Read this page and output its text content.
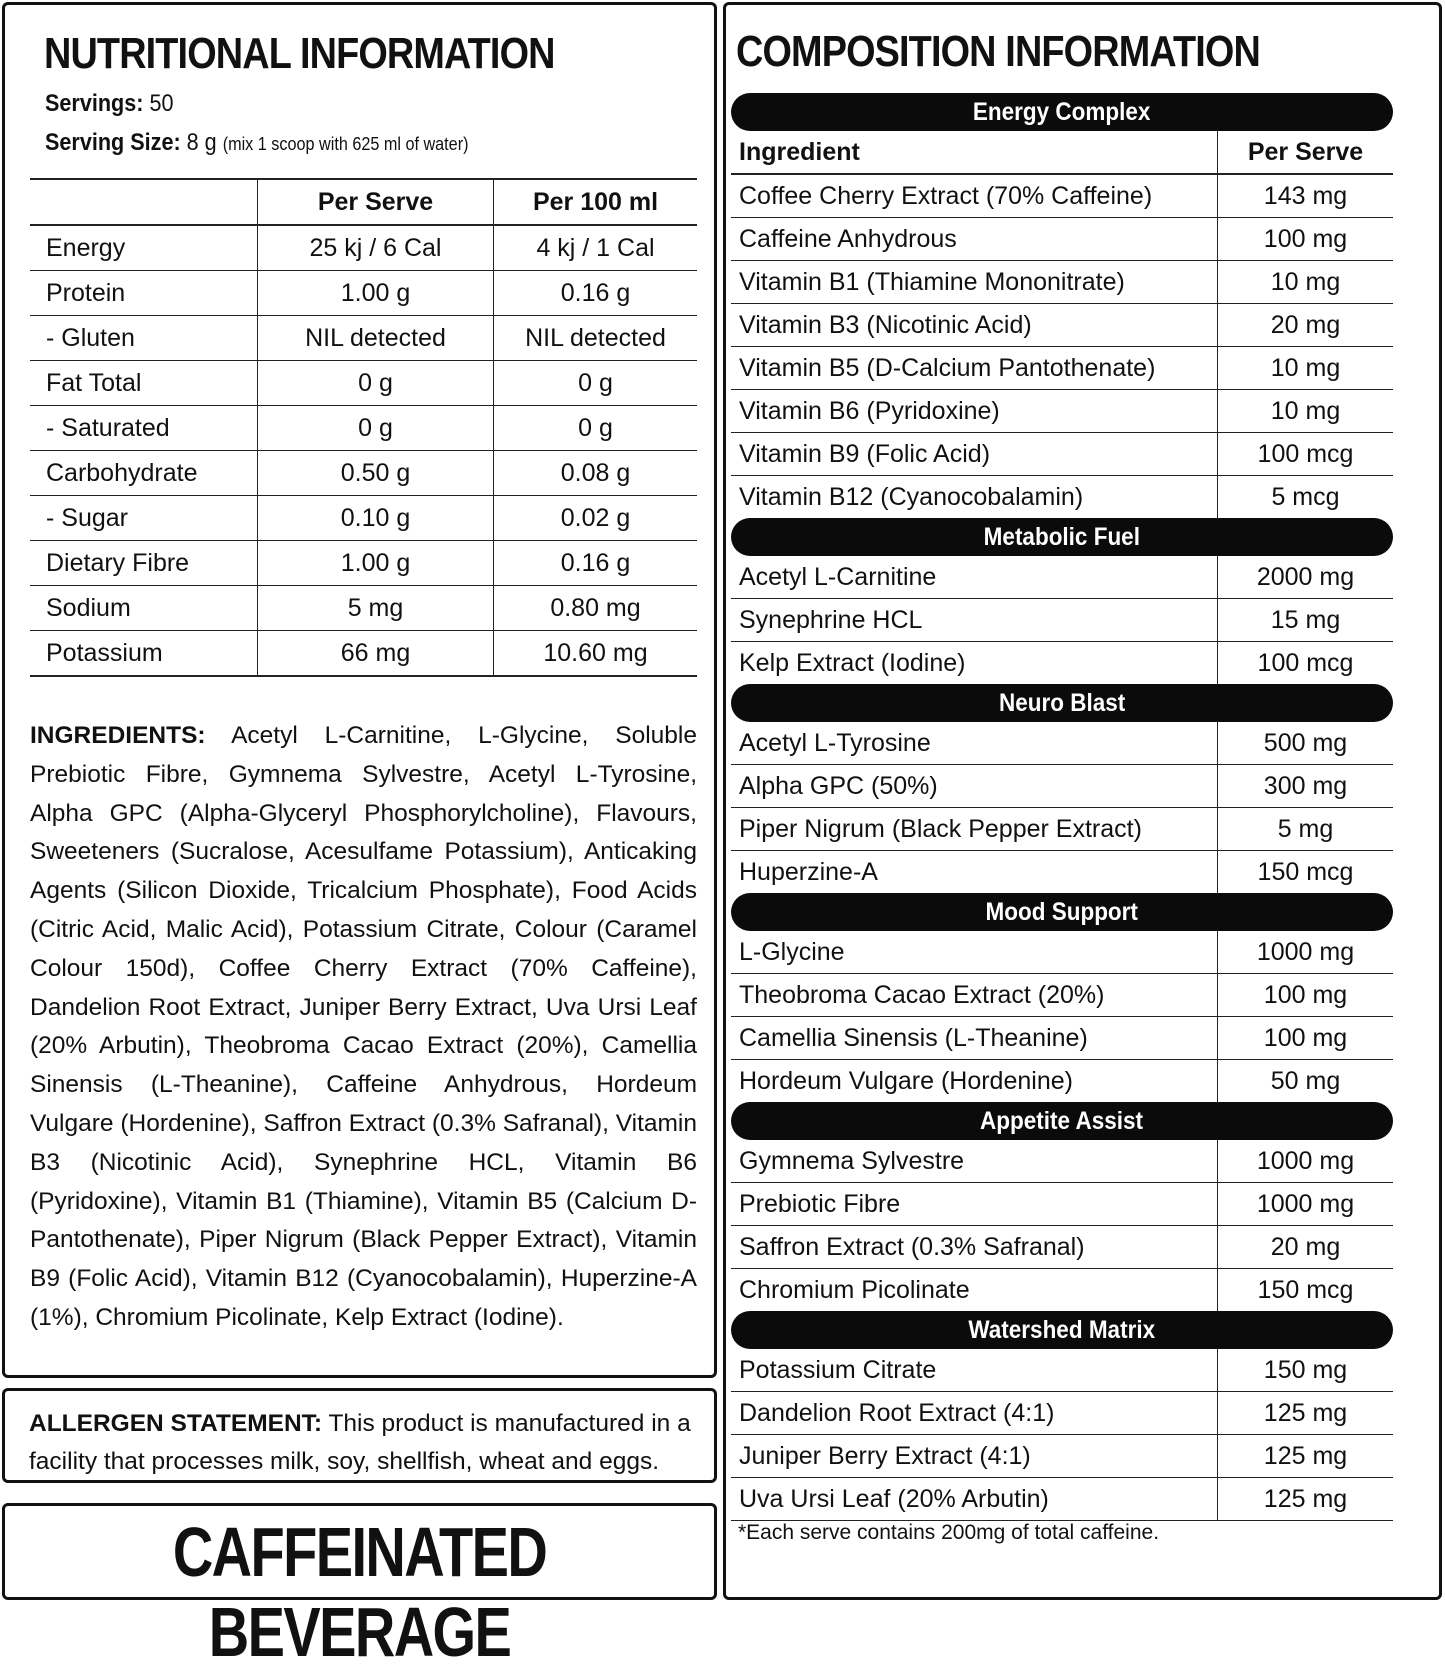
NUTRITIONAL INFORMATION
Servings: 50
Serving Size: 8 g (mix 1 scoop with 625 ml of water)
	Per Serve	Per 100 ml
Energy	25 kj / 6 Cal	4 kj / 1 Cal
Protein	1.00 g	0.16 g
- Gluten	NIL detected	NIL detected
Fat Total	0 g	0 g
- Saturated	0 g	0 g
Carbohydrate	0.50 g	0.08 g
- Sugar	0.10 g	0.02 g
Dietary Fibre	1.00 g	0.16 g
Sodium	5 mg	0.80 mg
Potassium	66 mg	10.60 mg
INGREDIENTS: Acetyl L-Carnitine, L-Glycine, Soluble Prebiotic Fibre, Gymnema Sylvestre, Acetyl L-Tyrosine, Alpha GPC (Alpha-Glyceryl Phosphorylcholine), Flavours, Sweeteners (Sucralose, Acesulfame Potassium), Anticaking Agents (Silicon Dioxide, Tricalcium Phosphate), Food Acids (Citric Acid, Malic Acid), Potassium Citrate, Colour (Caramel Colour 150d), Coffee Cherry Extract (70% Caffeine), Dandelion Root Extract, Juniper Berry Extract, Uva Ursi Leaf (20% Arbutin), Theobroma Cacao Extract (20%), Camellia Sinensis (L-Theanine), Caffeine Anhydrous, Hordeum Vulgare (Hordenine), Saffron Extract (0.3% Safranal), Vitamin B3 (Nicotinic Acid), Synephrine HCL, Vitamin B6 (Pyridoxine), Vitamin B1 (Thiamine), Vitamin B5 (Calcium D-Pantothenate), Piper Nigrum (Black Pepper Extract), Vitamin B9 (Folic Acid), Vitamin B12 (Cyanocobalamin), Huperzine-A (1%), Chromium Picolinate, Kelp Extract (Iodine).
ALLERGEN STATEMENT: This product is manufactured in a facility that processes milk, soy, shellfish, wheat and eggs.
CAFFEINATED BEVERAGE
COMPOSITION INFORMATION
Energy Complex
Ingredient	Per Serve
Coffee Cherry Extract (70% Caffeine)	143 mg
Caffeine Anhydrous	100 mg
Vitamin B1 (Thiamine Mononitrate)	10 mg
Vitamin B3 (Nicotinic Acid)	20 mg
Vitamin B5 (D-Calcium Pantothenate)	10 mg
Vitamin B6 (Pyridoxine)	10 mg
Vitamin B9 (Folic Acid)	100 mcg
Vitamin B12 (Cyanocobalamin)	5 mcg
Metabolic Fuel
Acetyl L-Carnitine	2000 mg
Synephrine HCL	15 mg
Kelp Extract (Iodine)	100 mcg
Neuro Blast
Acetyl L-Tyrosine	500 mg
Alpha GPC (50%)	300 mg
Piper Nigrum (Black Pepper Extract)	5 mg
Huperzine-A	150 mcg
Mood Support
L-Glycine	1000 mg
Theobroma Cacao Extract (20%)	100 mg
Camellia Sinensis (L-Theanine)	100 mg
Hordeum Vulgare (Hordenine)	50 mg
Appetite Assist
Gymnema Sylvestre	1000 mg
Prebiotic Fibre	1000 mg
Saffron Extract (0.3% Safranal)	20 mg
Chromium Picolinate	150 mcg
Watershed Matrix
Potassium Citrate	150 mg
Dandelion Root Extract (4:1)	125 mg
Juniper Berry Extract (4:1)	125 mg
Uva Ursi Leaf (20% Arbutin)	125 mg
*Each serve contains 200mg of total caffeine.
